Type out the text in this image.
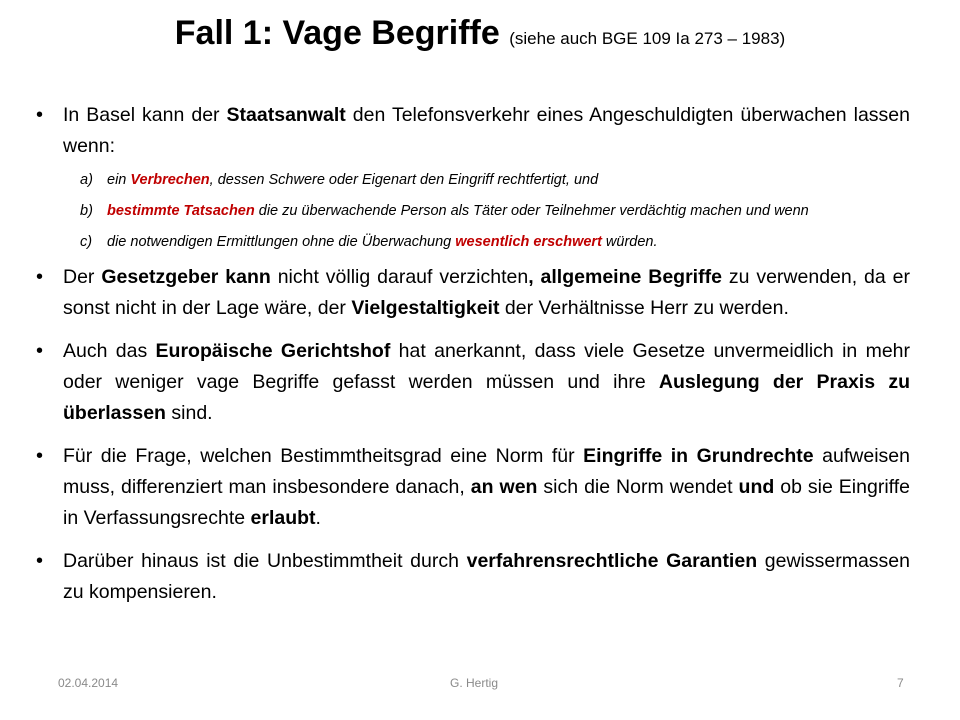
Fall 1: Vage Begriffe (siehe auch BGE 109 Ia 273 – 1983)
• In Basel kann der Staatsanwalt den Telefonsverkehr eines Angeschuldigten überwachen lassen wenn:
a) ein Verbrechen, dessen Schwere oder Eigenart den Eingriff rechtfertigt, und
b) bestimmte Tatsachen die zu überwachende Person als Täter oder Teilnehmer verdächtig machen und wenn
c) die notwendigen Ermittlungen ohne die Überwachung wesentlich erschwert würden.
• Der Gesetzgeber kann nicht völlig darauf verzichten, allgemeine Begriffe zu verwenden, da er sonst nicht in der Lage wäre, der Vielgestaltigkeit der Verhältnisse Herr zu werden.
• Auch das Europäische Gerichtshof hat anerkannt, dass viele Gesetze unvermeidlich in mehr oder weniger vage Begriffe gefasst werden müssen und ihre Auslegung der Praxis zu überlassen sind.
• Für die Frage, welchen Bestimmtheitsgrad eine Norm für Eingriffe in Grundrechte aufweisen muss, differenziert man insbesondere danach, an wen sich die Norm wendet und ob sie Eingriffe in Verfassungsrechte erlaubt.
• Darüber hinaus ist die Unbestimmtheit durch verfahrensrechtliche Garantien gewissermassen zu kompensieren.
02.04.2014	G. Hertig	7
